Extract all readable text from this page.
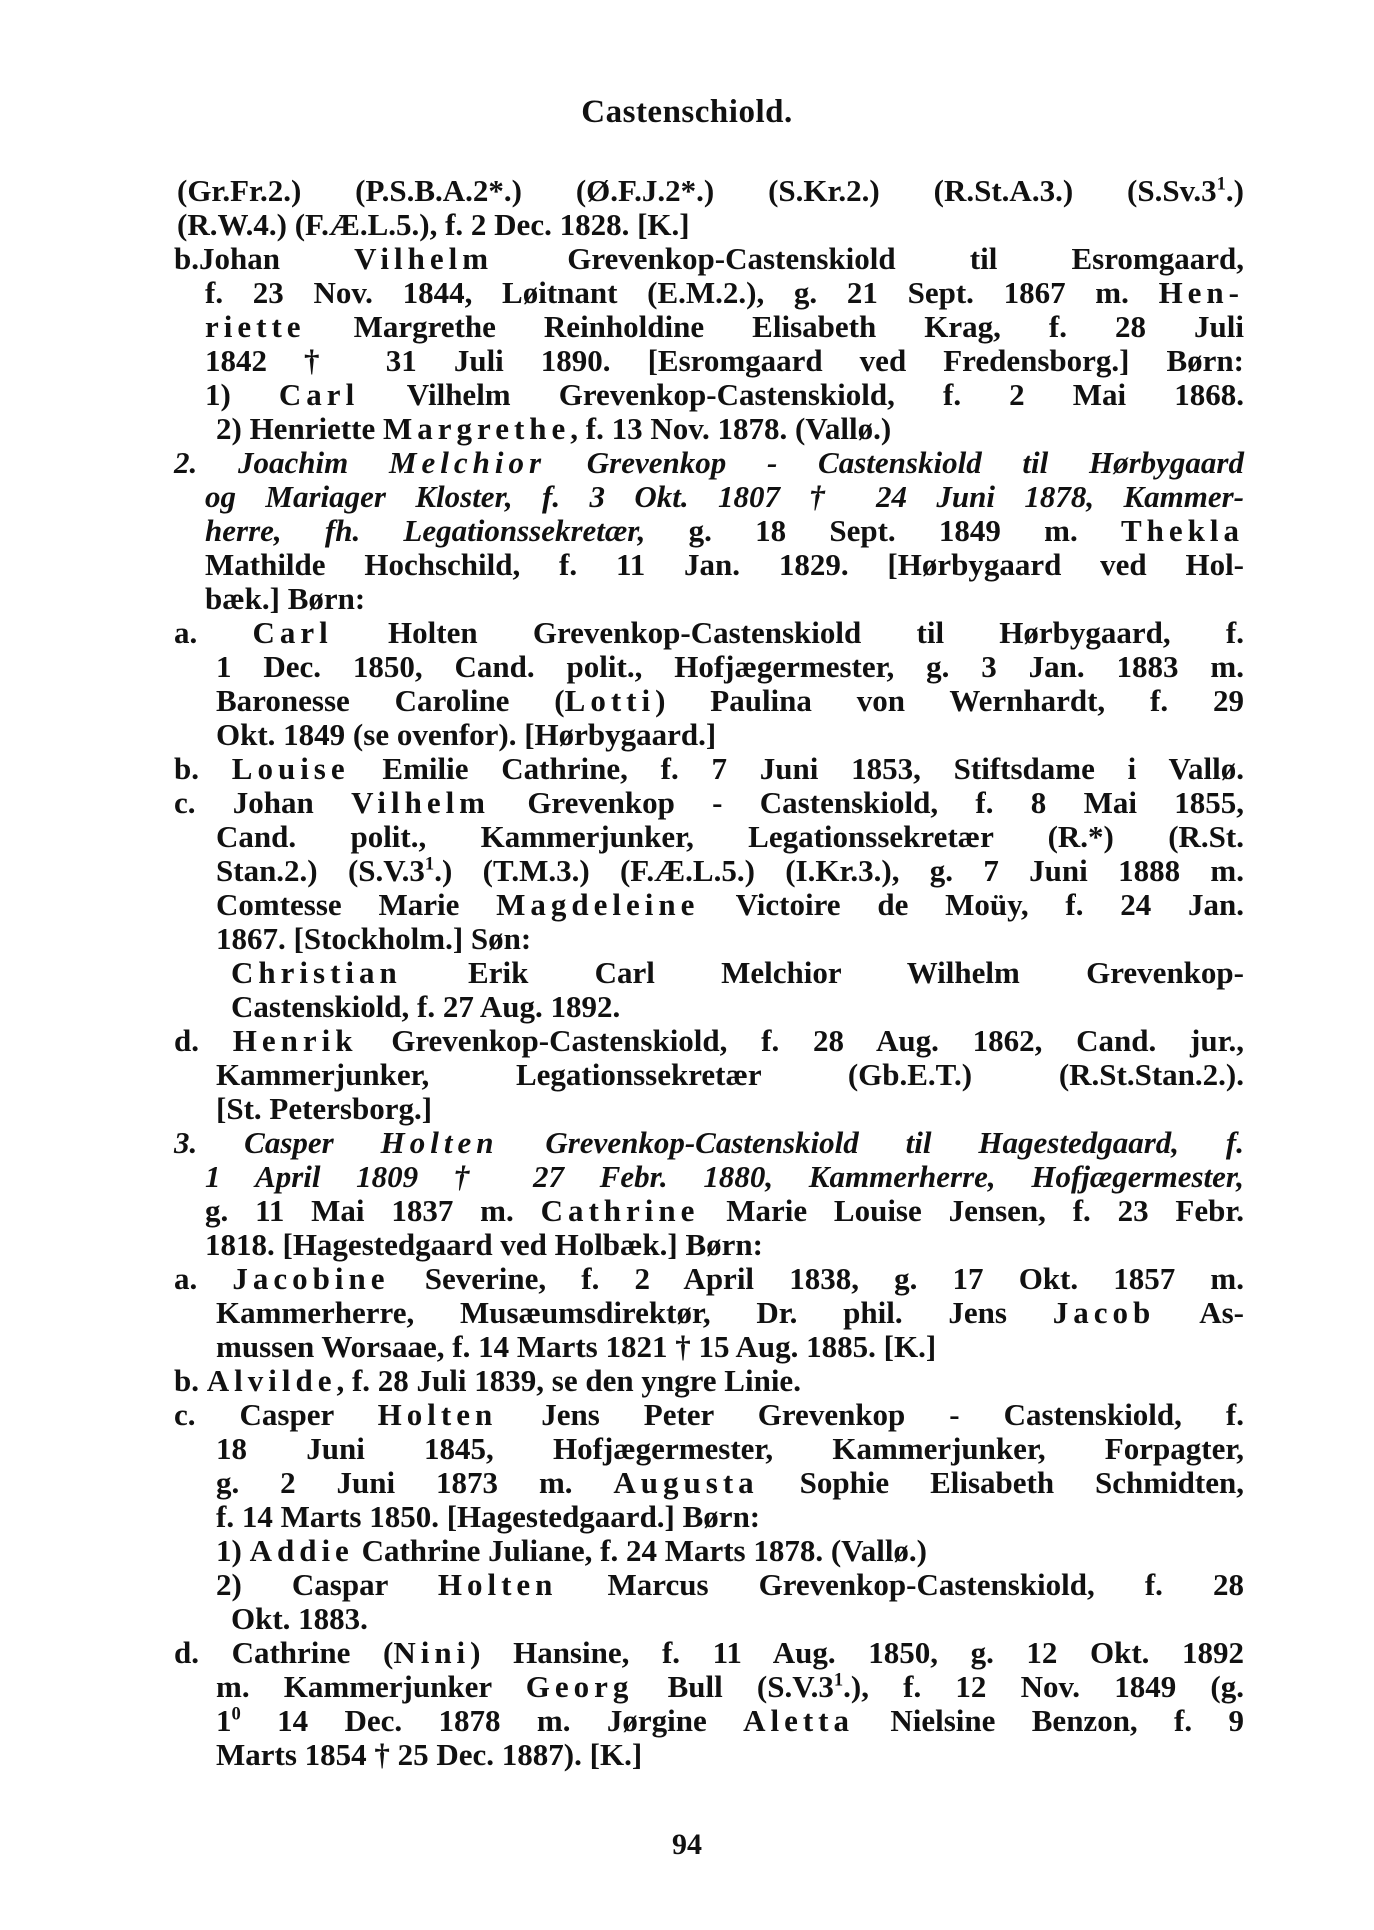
Castenschiold.
(Gr.Fr.2.) (P.S.B.A.2*.) (Ø.F.J.2*.) (S.Kr.2.) (R.St.A.3.) $(S.Sv.3^1.)$
(R.W.4.) (F.Æ.L.5.), f. 2 Dec. 1828. [K.]
b.Johan Vilhelm Grevenkop-Castenskiold til Esromgaard,
f. 23 Nov. 1844, Løitnant (E.M.2.), g. 21 Sept. 1867 m. Hen-
riette Margrethe Reinholdine Elisabeth Krag, f. 28 Juli
1842 † 31 Juli 1890. [Esromgaard ved Fredensborg.] Børn:
1) Carl Vilhelm Grevenkop-Castenskiold, f. 2 Mai 1868.
2) Henriette Margrethe, f. 13 Nov. 1878. (Vallø.)
2. Joachim Melchior Grevenkop - Castenskiold til Hørbygaard
og Mariager Kloster, f. 3 Okt. 1807 † 24 Juni 1878, Kammer-
herre, fh. Legationssekretær, g. 18 Sept. 1849 m. Thekla
Mathilde Hochschild, f. 11 Jan. 1829. [Hørbygaard ved Hol-
bæk.] Børn:
a. Carl Holten Grevenkop-Castenskiold til Hørbygaard, f.
1 Dec. 1850, Cand. polit., Hofjægermester, g. 3 Jan. 1883 m.
Baronesse Caroline (Lotti) Paulina von Wernhardt, f. 29
Okt. 1849 (se ovenfor). [Hørbygaard.]
b. Louise Emilie Cathrine, f. 7 Juni 1853, Stiftsdame i Vallø.
c. Johan Vilhelm Grevenkop - Castenskiold, f. 8 Mai 1855,
Cand. polit., Kammerjunker, Legationssekretær (R.*) (R.St.
Stan.2.) $(S.V.3^1.)$ (T.M.3.) (F.Æ.L.5.) (I.Kr.3.), g. 7 Juni 1888 m.
Comtesse Marie Magdeleine Victoire de Moüy, f. 24 Jan.
1867. [Stockholm.] Søn:
Christian Erik Carl Melchior Wilhelm Grevenkop-
Castenskiold, f. 27 Aug. 1892.
d. Henrik Grevenkop-Castenskiold, f. 28 Aug. 1862, Cand. jur.,
Kammerjunker, Legationssekretær (Gb.E.T.) (R.St.Stan.2.).
[St. Petersborg.]
3. Casper Holten Grevenkop-Castenskiold til Hagestedgaard, f.
1 April 1809 † 27 Febr. 1880, Kammerherre, Hofjægermester,
g. 11 Mai 1837 m. Cathrine Marie Louise Jensen, f. 23 Febr.
1818. [Hagestedgaard ved Holbæk.] Børn:
a. Jacobine Severine, f. 2 April 1838, g. 17 Okt. 1857 m.
Kammerherre, Musæumsdirektør, Dr. phil. Jens Jacob As-
mussen Worsaae, f. 14 Marts 1821 † 15 Aug. 1885. [K.]
b. Alvilde, f. 28 Juli 1839, se den yngre Linie.
c. Casper Holten Jens Peter Grevenkop - Castenskiold, f.
18 Juni 1845, Hofjægermester, Kammerjunker, Forpagter,
g. 2 Juni 1873 m. Augusta Sophie Elisabeth Schmidten,
f. 14 Marts 1850. [Hagestedgaard.] Børn:
1) Addie Cathrine Juliane, f. 24 Marts 1878. (Vallø.)
2) Caspar Holten Marcus Grevenkop-Castenskiold, f. 28
Okt. 1883.
d. Cathrine (Nini) Hansine, f. 11 Aug. 1850, g. 12 Okt. 1892
m. Kammerjunker Georg Bull $(S.V.3^1.)$, f. 12 Nov. 1849 (g.
$1^0$ 14 Dec. 1878 m. Jørgine Aletta Nielsine Benzon, f. 9
Marts 1854 † 25 Dec. 1887). [K.]
94
